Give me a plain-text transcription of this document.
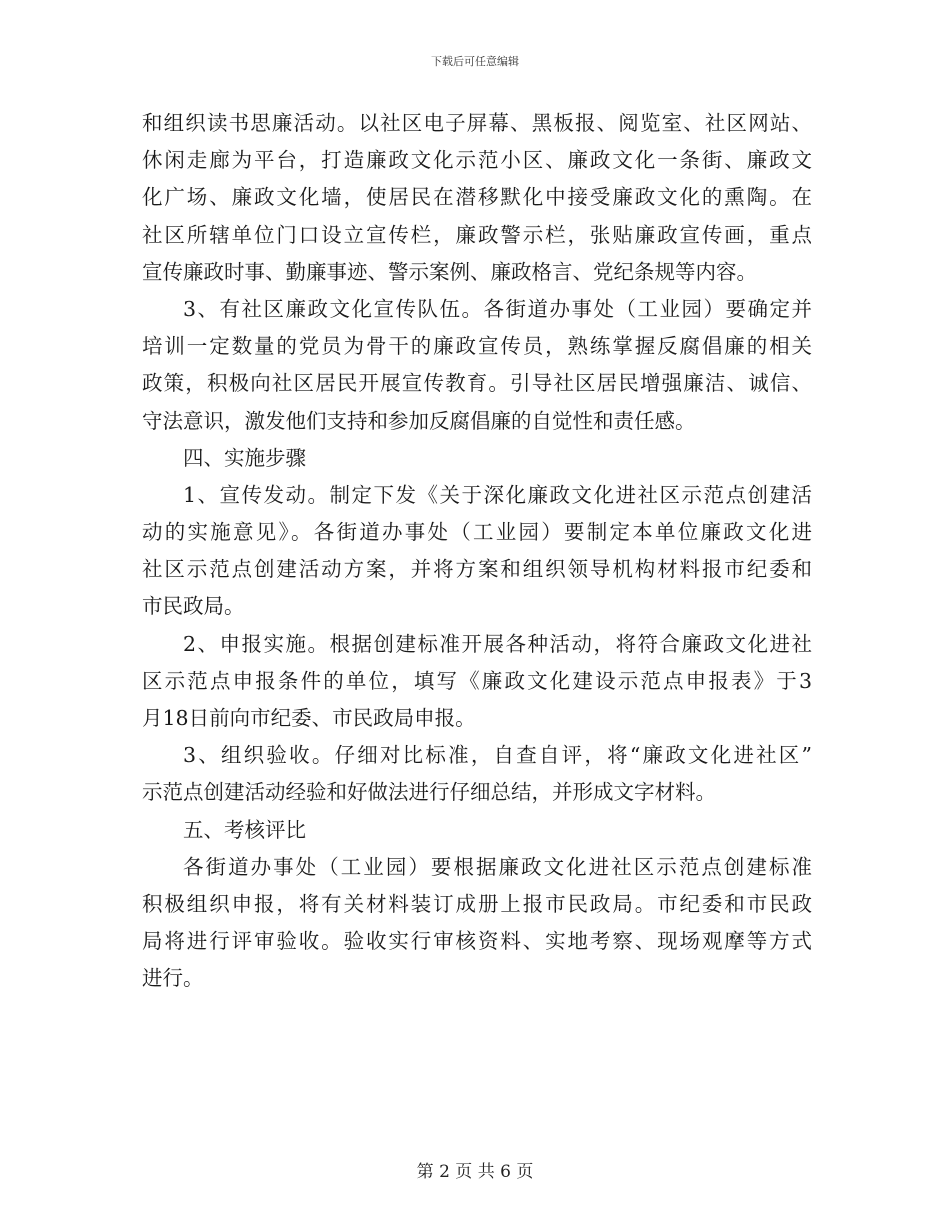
下载后可任意编辑
和组织读书思廉活动。以社区电子屏幕、黑板报、阅览室、社区网站、
休闲走廊为平台，打造廉政文化示范小区、廉政文化一条街、廉政文
化广场、廉政文化墙，使居民在潜移默化中接受廉政文化的熏陶。在
社区所辖单位门口设立宣传栏，廉政警示栏，张贴廉政宣传画，重点
宣传廉政时事、勤廉事迹、警示案例、廉政格言、党纪条规等内容。
3、有社区廉政文化宣传队伍。各街道办事处（工业园）要确定并
培训一定数量的党员为骨干的廉政宣传员，熟练掌握反腐倡廉的相关
政策，积极向社区居民开展宣传教育。引导社区居民增强廉洁、诚信、
守法意识，激发他们支持和参加反腐倡廉的自觉性和责任感。
四、实施步骤
1、宣传发动。制定下发《关于深化廉政文化进社区示范点创建活
动的实施意见》。各街道办事处（工业园）要制定本单位廉政文化进
社区示范点创建活动方案，并将方案和组织领导机构材料报市纪委和
市民政局。
2、申报实施。根据创建标准开展各种活动，将符合廉政文化进社
区示范点申报条件的单位，填写《廉政文化建设示范点申报表》于3
月18日前向市纪委、市民政局申报。
3、组织验收。仔细对比标准，自查自评，将“廉政文化进社区”
示范点创建活动经验和好做法进行仔细总结，并形成文字材料。
五、考核评比
各街道办事处（工业园）要根据廉政文化进社区示范点创建标准
积极组织申报，将有关材料装订成册上报市民政局。市纪委和市民政
局将进行评审验收。验收实行审核资料、实地考察、现场观摩等方式
进行。
第 2 页 共 6 页
